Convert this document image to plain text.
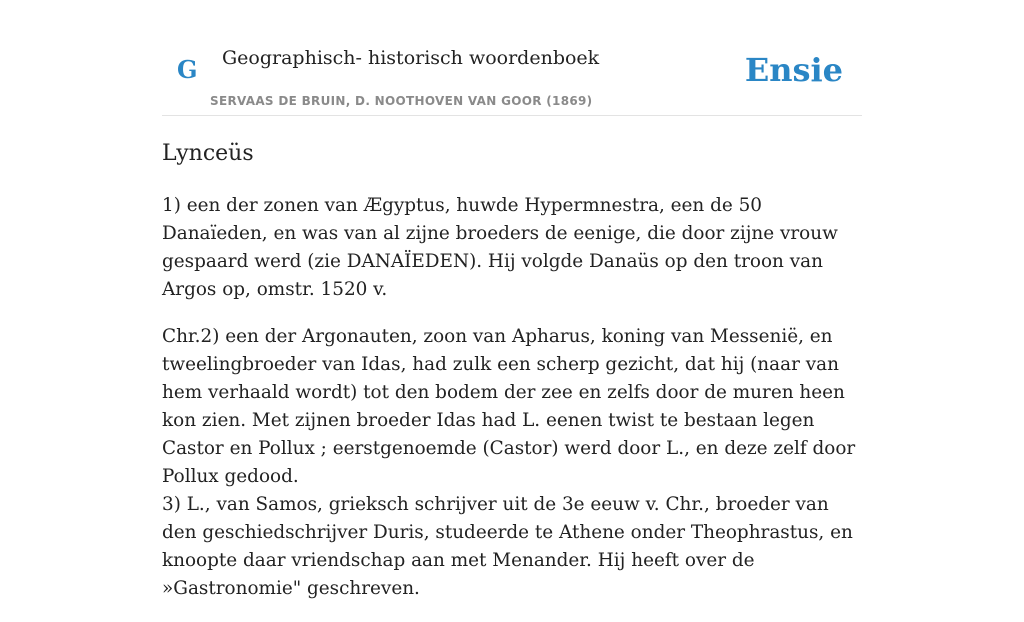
G Geographisch- historisch woordenboek
SERVAAS DE BRUIN, D. NOOTHOVEN VAN GOOR (1869)
Ensie
Lynceüs

1) een der zonen van Ægyptus, huwde Hypermnestra, een de 50 Danaïeden, en was van al zijne broeders de eenige, die door zijne vrouw gespaard werd (zie DANAÏEDEN). Hij volgde Danaüs op den troon van Argos op, omstr. 1520 v.

Chr.2) een der Argonauten, zoon van Apharus, koning van Messenië, en tweelingbroeder van Idas, had zulk een scherp gezicht, dat hij (naar van hem verhaald wordt) tot den bodem der zee en zelfs door de muren heen kon zien. Met zijnen broeder Idas had L. eenen twist te bestaan legen Castor en Pollux ; eerstgenoemde (Castor) werd door L., en deze zelf door Pollux gedood.

3) L., van Samos, grieksch schrijver uit de 3e eeuw v. Chr., broeder van den geschiedschrijver Duris, studeerde te Athene onder Theophrastus, en knoopte daar vriendschap aan met Menander. Hij heeft over de »Gastronomie" geschreven.
